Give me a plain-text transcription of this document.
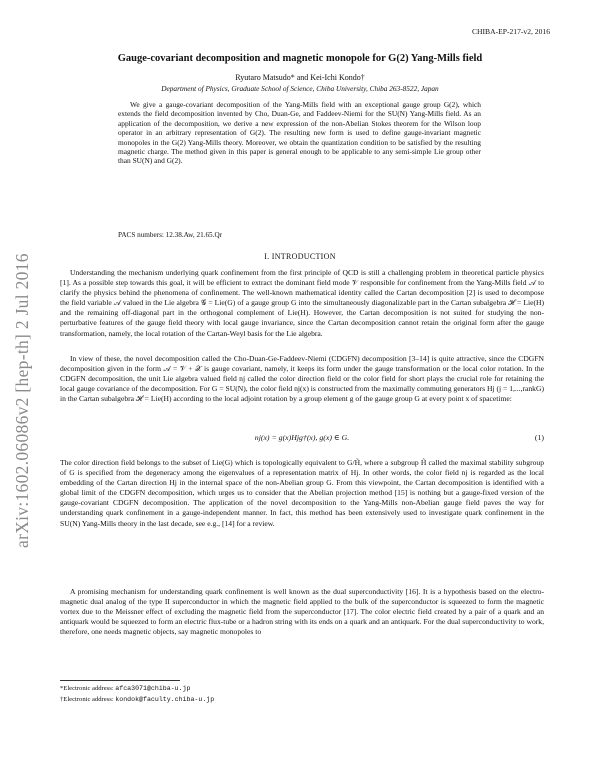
CHIBA-EP-217-v2, 2016
arXiv:1602.06086v2 [hep-th] 2 Jul 2016
Gauge-covariant decomposition and magnetic monopole for G(2) Yang-Mills field
Ryutaro Matsudo* and Kei-Ichi Kondo†
Department of Physics, Graduate School of Science, Chiba University, Chiba 263-8522, Japan

We give a gauge-covariant decomposition of the Yang-Mills field with an exceptional gauge group G(2), which extends the field decomposition invented by Cho, Duan-Ge, and Faddeev-Niemi for the SU(N) Yang-Mills field. As an application of the decomposition, we derive a new expression of the non-Abelian Stokes theorem for the Wilson loop operator in an arbitrary representation of G(2). The resulting new form is used to define gauge-invariant magnetic monopoles in the G(2) Yang-Mills theory. Moreover, we obtain the quantization condition to be satisfied by the resulting magnetic charge. The method given in this paper is general enough to be applicable to any semi-simple Lie group other than SU(N) and G(2).

PACS numbers: 12.38.Aw, 21.65.Qr
I. INTRODUCTION

Understanding the mechanism underlying quark confinement from the first principle of QCD is still a challenging problem in theoretical particle physics [1]. As a possible step towards this goal, it will be efficient to extract the dominant field mode 𝒱 responsible for confinement from the Yang-Mills field 𝒜 to clarify the physics behind the phenomena of confinement. The well-known mathematical identity called the Cartan decomposition [2] is used to decompose the field variable 𝒜 valued in the Lie algebra 𝒢 = Lie(G) of a gauge group G into the simultaneously diagonalizable part in the Cartan subalgebra ℋ = Lie(H) and the remaining off-diagonal part in the orthogonal complement of Lie(H). However, the Cartan decomposition is not suited for studying the non-perturbative features of the gauge field theory with local gauge invariance, since the Cartan decomposition cannot retain the original form after the gauge transformation, namely, the local rotation of the Cartan-Weyl basis for the Lie algebra.

In view of these, the novel decomposition called the Cho-Duan-Ge-Faddeev-Niemi (CDGFN) decomposition [3–14] is quite attractive, since the CDGFN decomposition given in the form 𝒜 = 𝒱 + 𝒳 is gauge covariant, namely, it keeps its form under the gauge transformation or the local color rotation. In the CDGFN decomposition, the unit Lie algebra valued field nj called the color direction field or the color field for short plays the crucial role for retaining the local gauge covariance of the decomposition. For G = SU(N), the color field nj(x) is constructed from the maximally commuting generators Hj (j = 1,...,rankG) in the Cartan subalgebra ℋ = Lie(H) according to the local adjoint rotation by a group element g of the gauge group G at every point x of spacetime:

nj(x) = g(x)Hjg†(x), g(x) ∈ G.	(1)

The color direction field belongs to the subset of Lie(G) which is topologically equivalent to G/H̃, where a subgroup H̃ called the maximal stability subgroup of G is specified from the degeneracy among the eigenvalues of a representation matrix of Hj. In other words, the color field nj is regarded as the local embedding of the Cartan direction Hj in the internal space of the non-Abelian group G. From this viewpoint, the Cartan decomposition is identified with a global limit of the CDGFN decomposition, which urges us to consider that the Abelian projection method [15] is nothing but a gauge-fixed version of the gauge-covariant CDGFN decomposition. The application of the novel decomposition to the Yang-Mills non-Abelian gauge field paves the way for understanding quark confinement in a gauge-independent manner. In fact, this method has been extensively used to investigate quark confinement in the SU(N) Yang-Mills theory in the last decade, see e.g., [14] for a review.

A promising mechanism for understanding quark confinement is well known as the dual superconductivity [16]. It is a hypothesis based on the electro-magnetic dual analog of the type II superconductor in which the magnetic field applied to the bulk of the superconductor is squeezed to form the magnetic vortex due to the Meissner effect of excluding the magnetic field from the superconductor [17]. The color electric field created by a pair of a quark and an antiquark would be squeezed to form an electric flux-tube or a hadron string with its ends on a quark and an antiquark. For the dual superconductivity to work, therefore, one needs magnetic objects, say magnetic monopoles to

*Electronic address: afca3071@chiba-u.jp
†Electronic address: kondok@faculty.chiba-u.jp
